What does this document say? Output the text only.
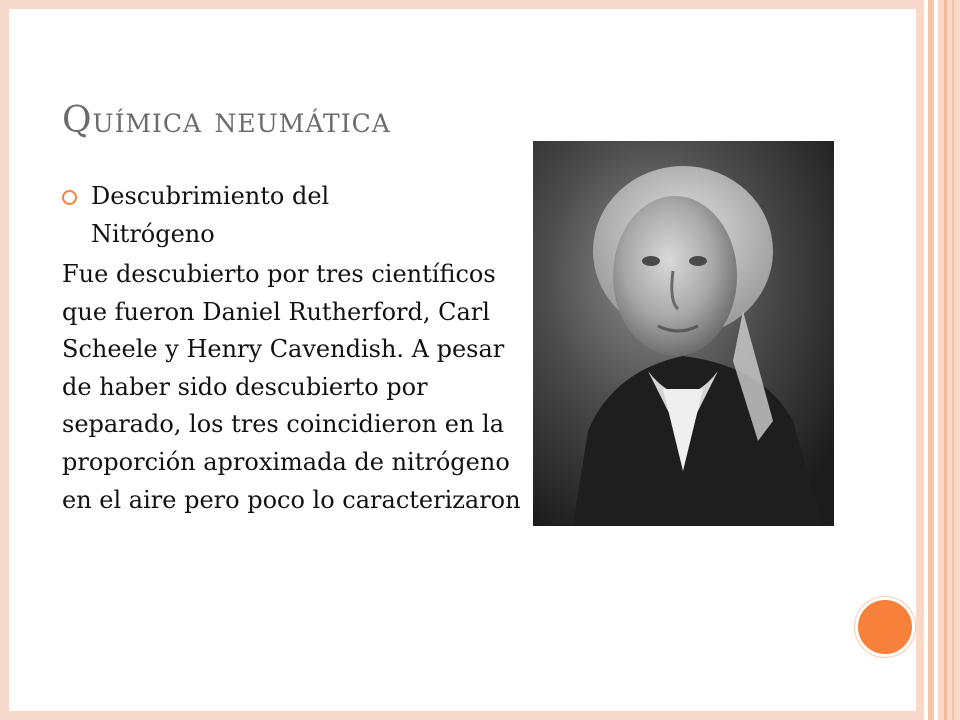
Química neumática
Descubrimiento del Nitrógeno
Fue descubierto por tres científicos que fueron Daniel Rutherford, Carl Scheele y Henry Cavendish. A pesar de haber sido descubierto por separado, los tres coincidieron en la proporción aproximada de nitrógeno en el aire pero poco lo caracterizaron
